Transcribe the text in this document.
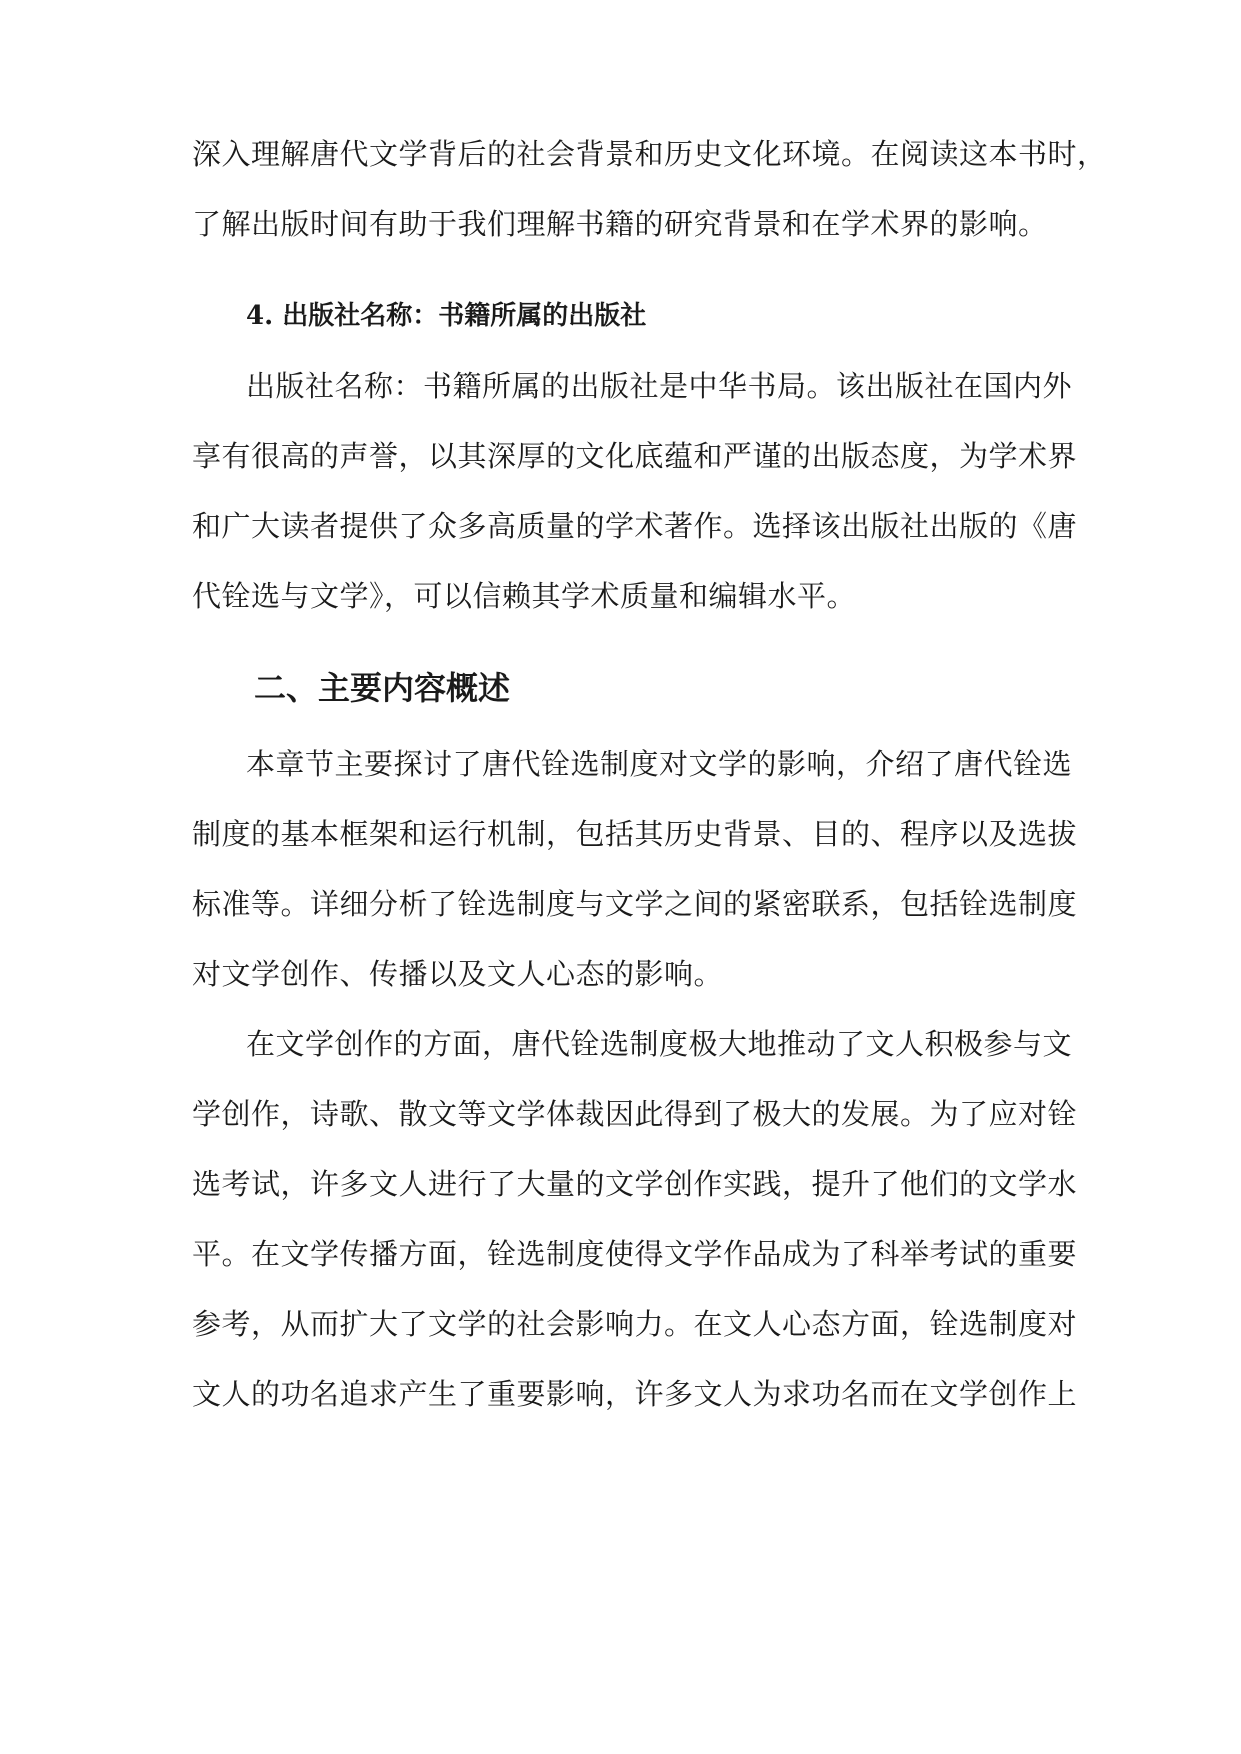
深入理解唐代文学背后的社会背景和历史文化环境。在阅读这本书时，
了解出版时间有助于我们理解书籍的研究背景和在学术界的影响。
4. 出版社名称：书籍所属的出版社
出版社名称：书籍所属的出版社是中华书局。该出版社在国内外
享有很高的声誉，以其深厚的文化底蕴和严谨的出版态度，为学术界
和广大读者提供了众多高质量的学术著作。选择该出版社出版的《唐
代铨选与文学》，可以信赖其学术质量和编辑水平。
二、主要内容概述
本章节主要探讨了唐代铨选制度对文学的影响，介绍了唐代铨选
制度的基本框架和运行机制，包括其历史背景、目的、程序以及选拔
标准等。详细分析了铨选制度与文学之间的紧密联系，包括铨选制度
对文学创作、传播以及文人心态的影响。
在文学创作的方面，唐代铨选制度极大地推动了文人积极参与文
学创作，诗歌、散文等文学体裁因此得到了极大的发展。为了应对铨
选考试，许多文人进行了大量的文学创作实践，提升了他们的文学水
平。在文学传播方面，铨选制度使得文学作品成为了科举考试的重要
参考，从而扩大了文学的社会影响力。在文人心态方面，铨选制度对
文人的功名追求产生了重要影响，许多文人为求功名而在文学创作上
